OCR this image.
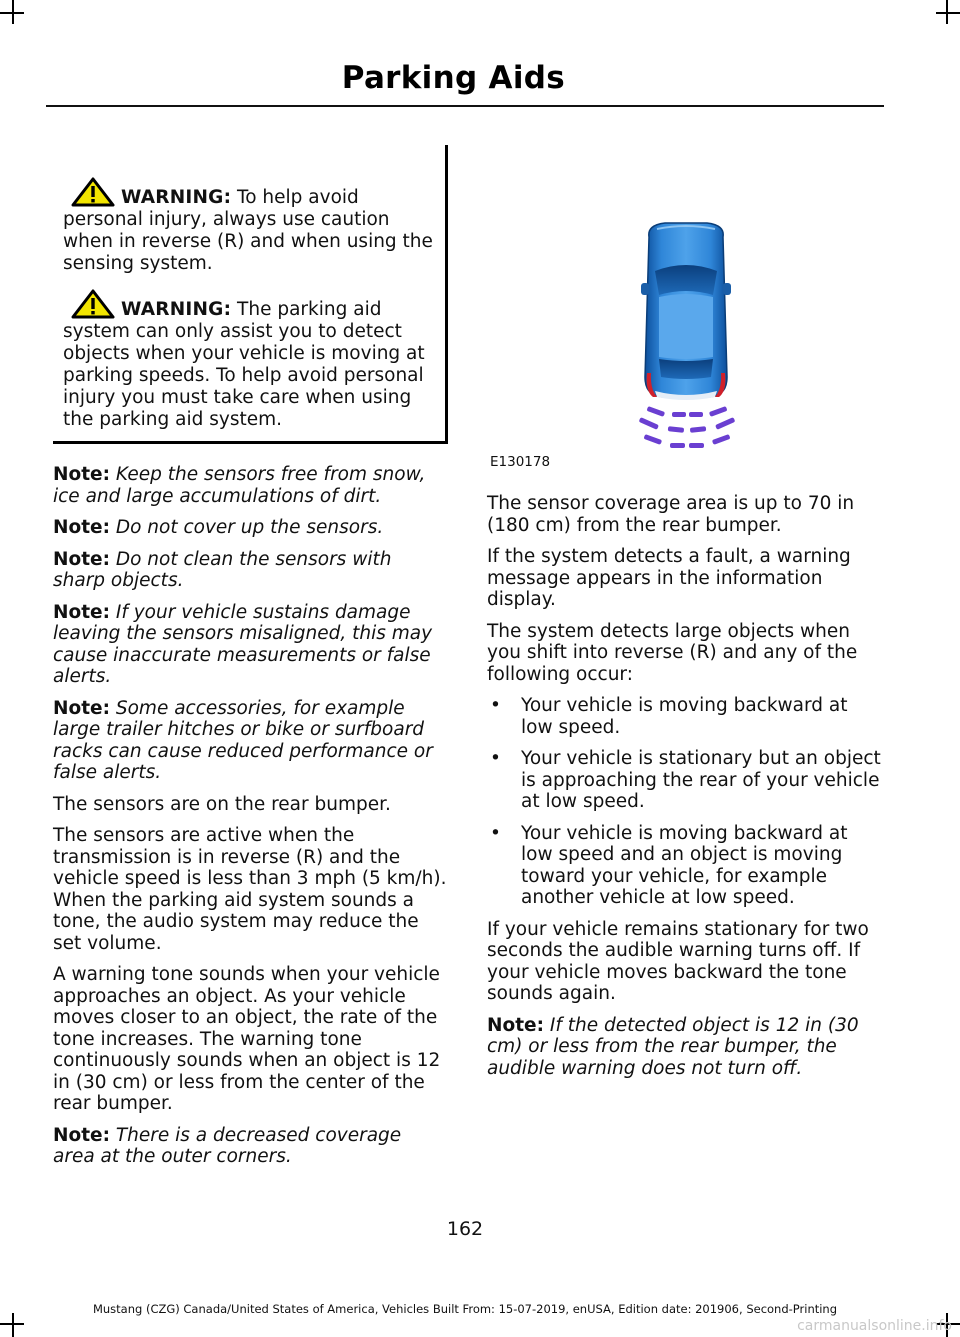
Parking Aids
WARNING: To help avoid personal injury, always use caution when in reverse (R) and when using the sensing system.
WARNING: The parking aid system can only assist you to detect objects when your vehicle is moving at parking speeds. To help avoid personal injury you must take care when using the parking aid system.

Note: Keep the sensors free from snow, ice and large accumulations of dirt.

Note: Do not cover up the sensors.

Note: Do not clean the sensors with sharp objects.

Note: If your vehicle sustains damage leaving the sensors misaligned, this may cause inaccurate measurements or false alerts.

Note: Some accessories, for example large trailer hitches or bike or surfboard racks can cause reduced performance or false alerts.

The sensors are on the rear bumper.

The sensors are active when the transmission is in reverse (R) and the vehicle speed is less than 3 mph (5 km/h). When the parking aid system sounds a tone, the audio system may reduce the set volume.

A warning tone sounds when your vehicle approaches an object. As your vehicle moves closer to an object, the rate of the tone increases. The warning tone continuously sounds when an object is 12 in (30 cm) or less from the center of the rear bumper.

Note: There is a decreased coverage area at the outer corners.

E130178

The sensor coverage area is up to 70 in (180 cm) from the rear bumper.

If the system detects a fault, a warning message appears in the information display.

The system detects large objects when you shift into reverse (R) and any of the following occur:

• Your vehicle is moving backward at low speed.
• Your vehicle is stationary but an object is approaching the rear of your vehicle at low speed.
• Your vehicle is moving backward at low speed and an object is moving toward your vehicle, for example another vehicle at low speed.

If your vehicle remains stationary for two seconds the audible warning turns off. If your vehicle moves backward the tone sounds again.

Note: If the detected object is 12 in (30 cm) or less from the rear bumper, the audible warning does not turn off.

162
Mustang (CZG) Canada/United States of America, Vehicles Built From: 15-07-2019, enUSA, Edition date: 201906, Second-Printing
carmanualsonline.info
